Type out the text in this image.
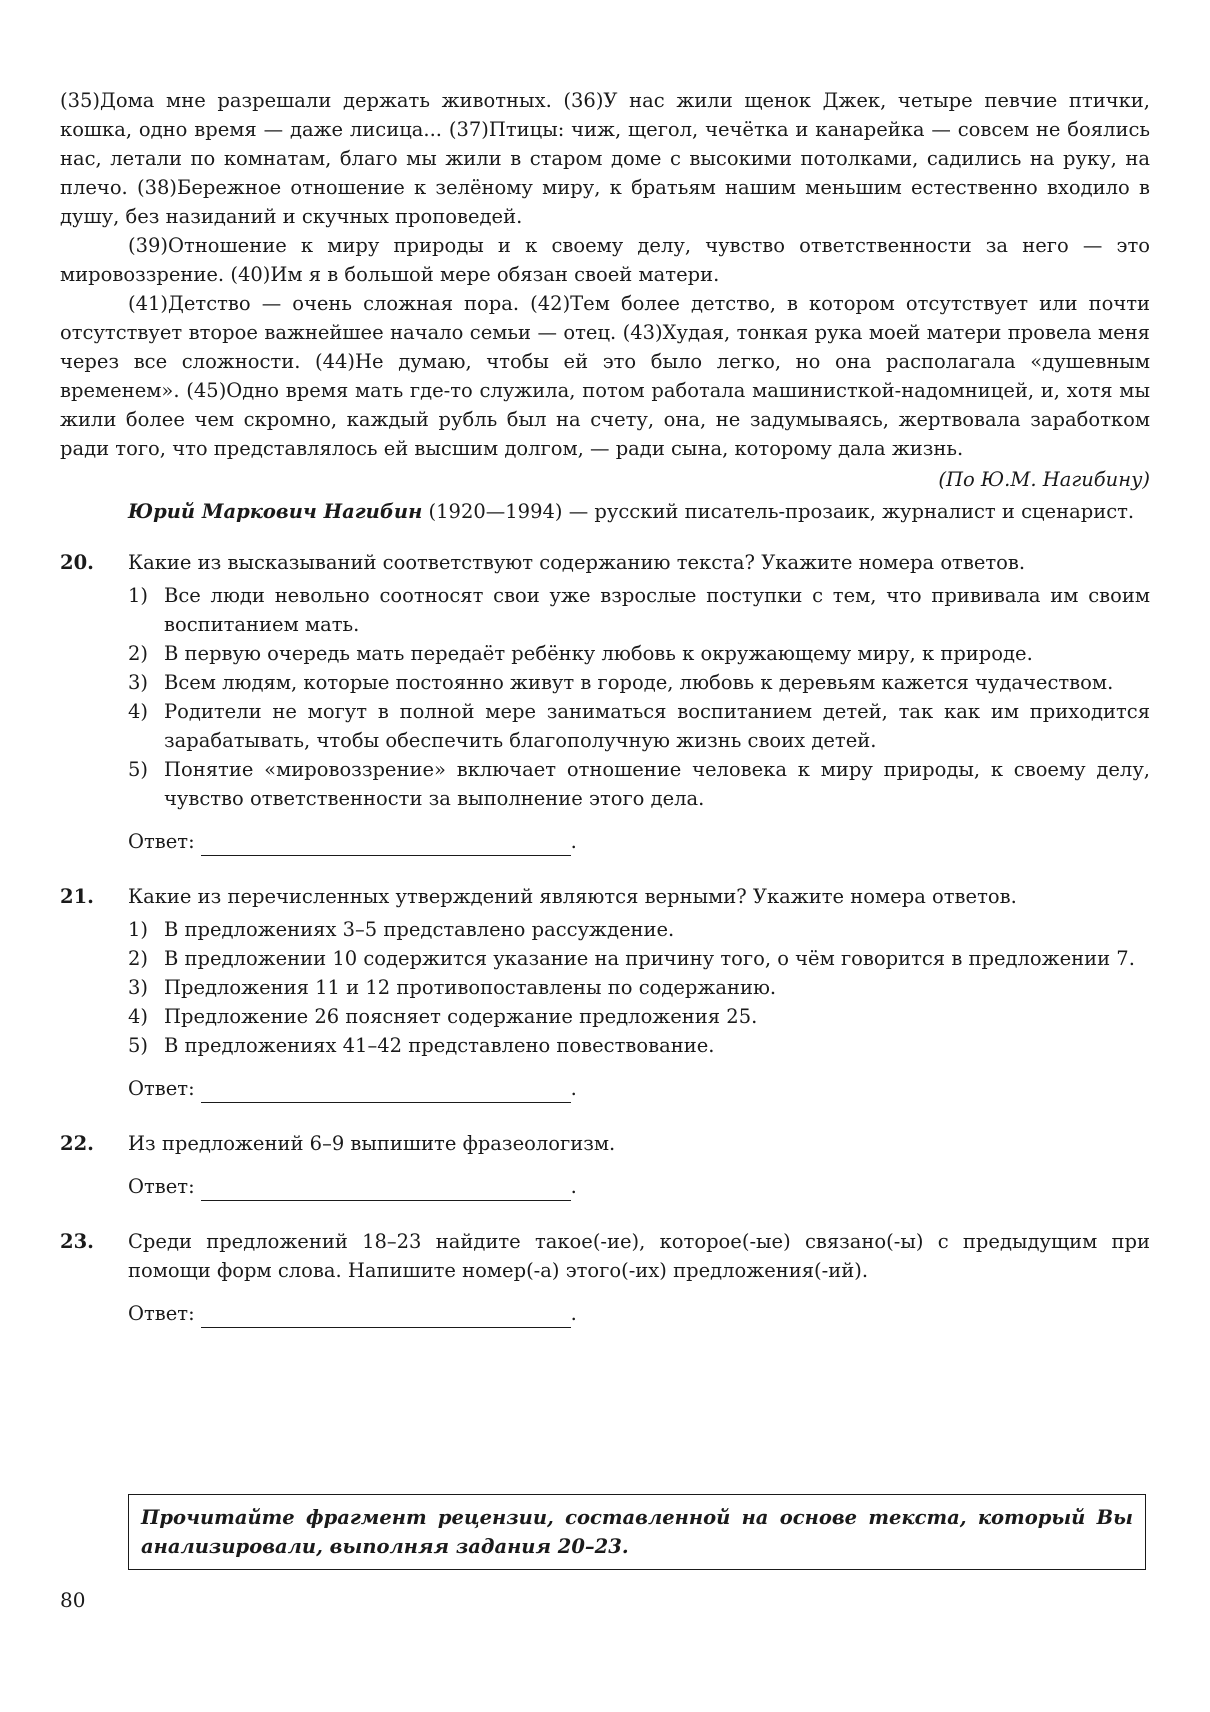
(35)Дома мне разрешали держать животных. (36)У нас жили щенок Джек, четыре певчие птички, кошка, одно время — даже лисица... (37)Птицы: чиж, щегол, чечётка и канарейка — совсем не боялись нас, летали по комнатам, благо мы жили в старом доме с высокими потолками, садились на руку, на плечо. (38)Бережное отношение к зелёному миру, к братьям нашим меньшим естественно входило в душу, без назиданий и скучных проповедей.

(39)Отношение к миру природы и к своему делу, чувство ответственности за него — это мировоззрение. (40)Им я в большой мере обязан своей матери.

(41)Детство — очень сложная пора. (42)Тем более детство, в котором отсутствует или почти отсутствует второе важнейшее начало семьи — отец. (43)Худая, тонкая рука моей матери провела меня через все сложности. (44)Не думаю, чтобы ей это было легко, но она располагала «душевным временем». (45)Одно время мать где-то служила, потом работала машинисткой-надомницей, и, хотя мы жили более чем скромно, каждый рубль был на счету, она, не задумываясь, жертвовала заработком ради того, что представлялось ей высшим долгом, — ради сына, которому дала жизнь.

(По Ю.М. Нагибину)

Юрий Маркович Нагибин (1920—1994) — русский писатель-прозаик, журналист и сценарист.

20.	Какие из высказываний соответствуют содержанию текста? Укажите номера ответов.

1) Все люди невольно соотносят свои уже взрослые поступки с тем, что прививала им своим воспитанием мать.
2) В первую очередь мать передаёт ребёнку любовь к окружающему миру, к природе.
3) Всем людям, которые постоянно живут в городе, любовь к деревьям кажется чудачеством.
4) Родители не могут в полной мере заниматься воспитанием детей, так как им приходится зарабатывать, чтобы обеспечить благополучную жизнь своих детей.
5) Понятие «мировоззрение» включает отношение человека к миру природы, к своему делу, чувство ответственности за выполнение этого дела.
Ответ:	.
21.	Какие из перечисленных утверждений являются верными? Укажите номера ответов.

1) В предложениях 3–5 представлено рассуждение.
2) В предложении 10 содержится указание на причину того, о чём говорится в предложении 7.
3) Предложения 11 и 12 противопоставлены по содержанию.
4) Предложение 26 поясняет содержание предложения 25.
5) В предложениях 41–42 представлено повествование.
Ответ:	.
22.	Из предложений 6–9 выпишите фразеологизм.

Ответ:	.
23.	Среди предложений 18–23 найдите такое(-ие), которое(-ые) связано(-ы) с предыдущим при помощи форм слова. Напишите номер(-а) этого(-их) предложения(-ий).

Ответ:	.
Прочитайте фрагмент рецензии, составленной на основе текста, который Вы анализировали, выполняя задания 20–23.
80
